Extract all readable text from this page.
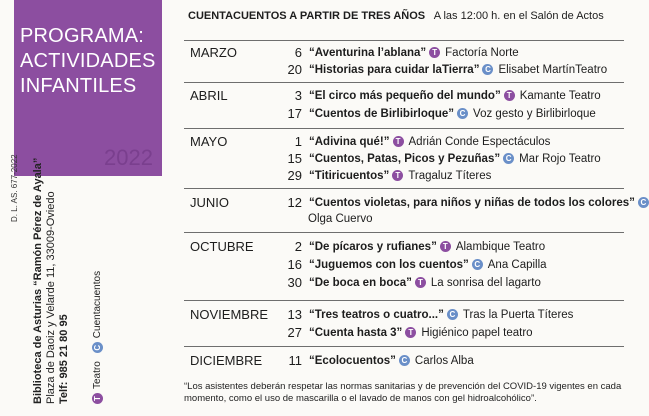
PROGRAMA:
ACTIVIDADES
INFANTILES
2022
D. L. AS. 677-2022 Biblioteca de Asturias “Ramón Pérez de Ayala” Plaza de Daoiz y Velarde 11, 33009-Oviedo Telf: 985 21 80 95	T
Teatro
C
Cuentacuentos
CUENTACUENTOS A PARTIR DE TRES AÑOS A las 12:00 h. en el Salón de Actos
MARZO	6 “Aventurina l’ablana” T Factoría Norte
20 “Historias para cuidar laTierra” C Elisabet MartínTeatro
ABRIL	3 “El circo más pequeño del mundo” T Kamante Teatro
17 “Cuentos de Birlibirloque” C Voz gesto y Birlibirloque
MAYO	1 “Adivina qué!” T Adrián Conde Espectáculos
15 “Cuentos, Patas, Picos y Pezuñas” C Mar Rojo Teatro
29 “Titiricuentos” T Tragaluz Títeres
JUNIO	12 “Cuentos violetas, para niños y niñas de todos los colores” C
Olga Cuervo
OCTUBRE	2 “De pícaros y rufianes” T Alambique Teatro
16 “Juguemos con los cuentos” C Ana Capilla
30 “De boca en boca” T La sonrisa del lagarto
NOVIEMBRE	13 “Tres teatros o cuatro...” C Tras la Puerta Títeres
27 “Cuenta hasta 3” T Higiénico papel teatro
DICIEMBRE	11 “Ecolocuentos” C Carlos Alba
“Los asistentes deberán respetar las normas sanitarias y de prevención del COVID-19 vigentes en cada momento, como el uso de mascarilla o el lavado de manos con gel hidroalcohólico”.
